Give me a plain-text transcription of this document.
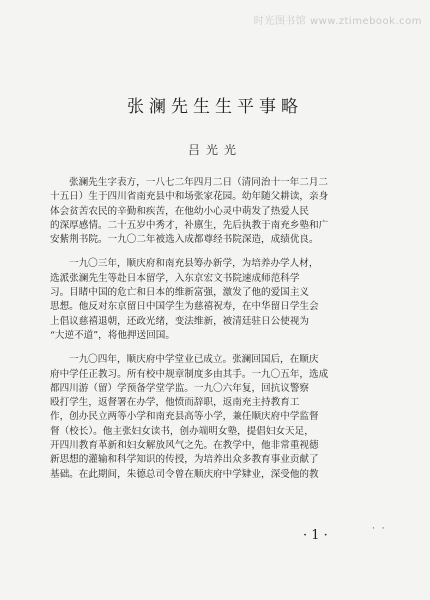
时光图书馆 www.ztimebook.com
张澜先生生平事略
吕光光
张澜先生字表方，一八七二年四月二日（清同治十一年二月二
十五日）生于四川省南充县中和场张家花园。幼年随父耕读，亲身
体会贫苦农民的辛勤和疾苦，在他幼小心灵中萌发了热爱人民
的深厚感情。二十五岁中秀才，补廪生，先后执教于南充乡塾和广
安紫荆书院。一九〇二年被选入成都尊经书院深造，成绩优良。
一九〇三年，顺庆府和南充县筹办新学，为培养办学人材，
选派张澜先生等赴日本留学，入东京宏文书院速成师范科学
习。目睹中国的危亡和日本的维新富强，激发了他的爱国主义
思想。他反对东京留日中国学生为慈禧祝寿，在中华留日学生会
上倡议慈禧退朝，还政光绪，变法维新，被清廷驻日公使视为
“大逆不道”，将他押送回国。
一九〇四年，顺庆府中学堂业已成立。张澜回国后，在顺庆
府中学任正教习。所有校中规章制度多由其手。一九〇五年，选成
都四川游（留）学预备学堂学监。一九〇六年复，回抗议警察
殴打学生，返督署在办学，他愤而辞职，返南充主持教育工
作，创办民立两等小学和南充县高等小学，兼任顺庆府中学监督
督（校长）。他主张妇女读书，创办端明女塾，提倡妇女天足，
开四川教育革新和妇女解放风气之先。在教学中，他非常重视德
新思想的灌输和科学知识的传授，为培养出众多教育事业贡献了
基础。在此期间，朱德总司令曾在顺庆府中学肄业，深受他的教
· 1 ·	· ·
